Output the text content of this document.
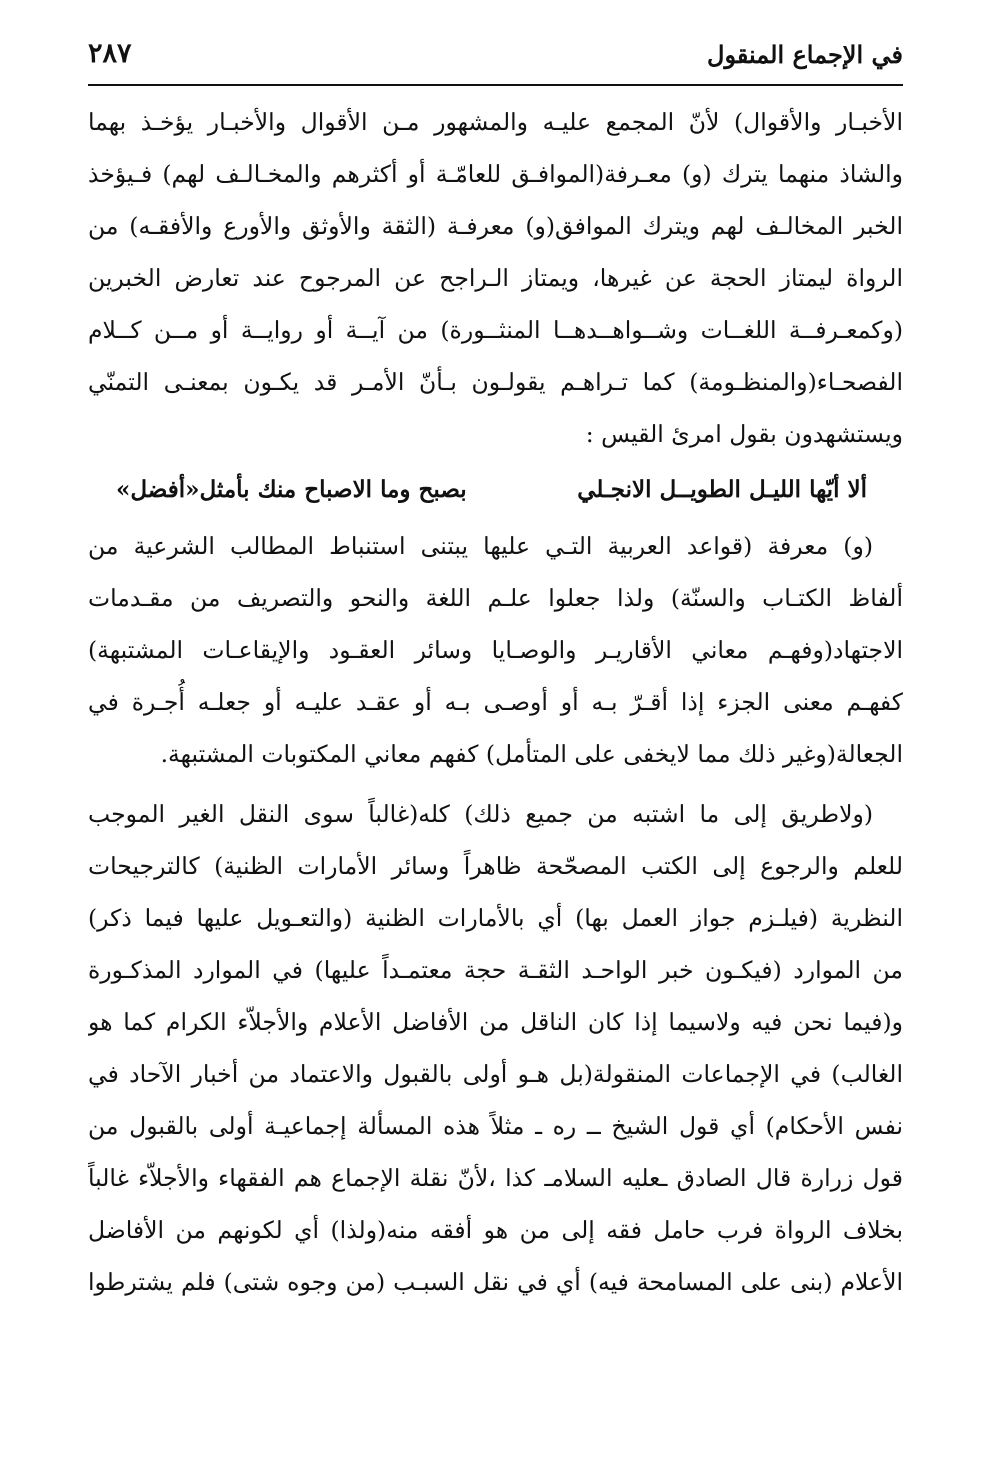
في الإجماع المنقول
٢٨٧
الأخبـار والأقوال) لأنّ المجمع عليـه والمشهور مـن الأقوال والأخبـار يؤخـذ بهما
والشاذ منهما يترك (و) معـرفة(الموافـق للعامّـة أو أكثرهم والمخـالـف لهم) فـيؤخذ
الخبر المخالـف لهم ويترك الموافق(و) معرفـة (الثقة والأوثق والأورع والأفقـه) من
الرواة ليمتاز الحجة عن غيرها، ويمتاز الـراجح عن المرجوح عند تعارض الخبرين
(وكمعـرفــة اللغــات وشــواهــدهــا المنثــورة) من آيــة أو روايــة أو مــن كــلام
الفصحـاء(والمنظـومة) كما تـراهـم يقولـون بـأنّ الأمـر قد يكـون بمعنـى التمنّي
ويستشهدون بقول امرئ القيس :
ألا أيّها الليـل الطويــل الانجـلي
بصبح وما الاصباح منك بأمثل«أفضل»
(و) معرفة (قواعد العربية التـي عليها يبتنى استنباط المطالب الشرعية من
ألفاظ الكتـاب والسنّة) ولذا جعلوا علـم اللغة والنحو والتصريف من مقـدمات
الاجتهاد(وفهـم معاني الأقاريـر والوصـايا وسائر العقـود والإيقاعـات المشتبهة)
كفهـم معنى الجزء إذا أقـرّ بـه أو أوصـى بـه أو عقـد عليـه أو جعلـه أُجـرة في
الجعالة(وغير ذلك مما لايخفى على المتأمل) كفهم معاني المكتوبات المشتبهة.
(ولاطريق إلى ما اشتبه من جميع ذلك) كله(غالباً سوى النقل الغير الموجب
للعلم والرجوع إلى الكتب المصحّحة ظاهراً وسائر الأمارات الظنية) كالترجيحات
النظرية (فيلـزم جواز العمل بها) أي بالأمارات الظنية (والتعـويل عليها فيما ذكر)
من الموارد (فيكـون خبر الواحـد الثقـة حجة معتمـداً عليها) في الموارد المذكـورة
و(فيما نحن فيه ولاسيما إذا كان الناقل من الأفاضل الأعلام والأجلاّء الكرام كما هو
الغالب) في الإجماعات المنقولة(بل هـو أولى بالقبول والاعتماد من أخبار الآحاد في
نفس الأحكام) أي قول الشيخ ــ ره ـ مثلاً هذه المسألة إجماعيـة أولى بالقبول من
قول زرارة قال الصادق ـعليه السلامـ كذا ،لأنّ نقلة الإجماع هم الفقهاء والأجلاّء غالباً
بخلاف الرواة فرب حامل فقه إلى من هو أفقه منه(ولذا) أي لكونهم من الأفاضل
الأعلام (بنى على المسامحة فيه) أي في نقل السبـب (من وجوه شتى) فلم يشترطوا
